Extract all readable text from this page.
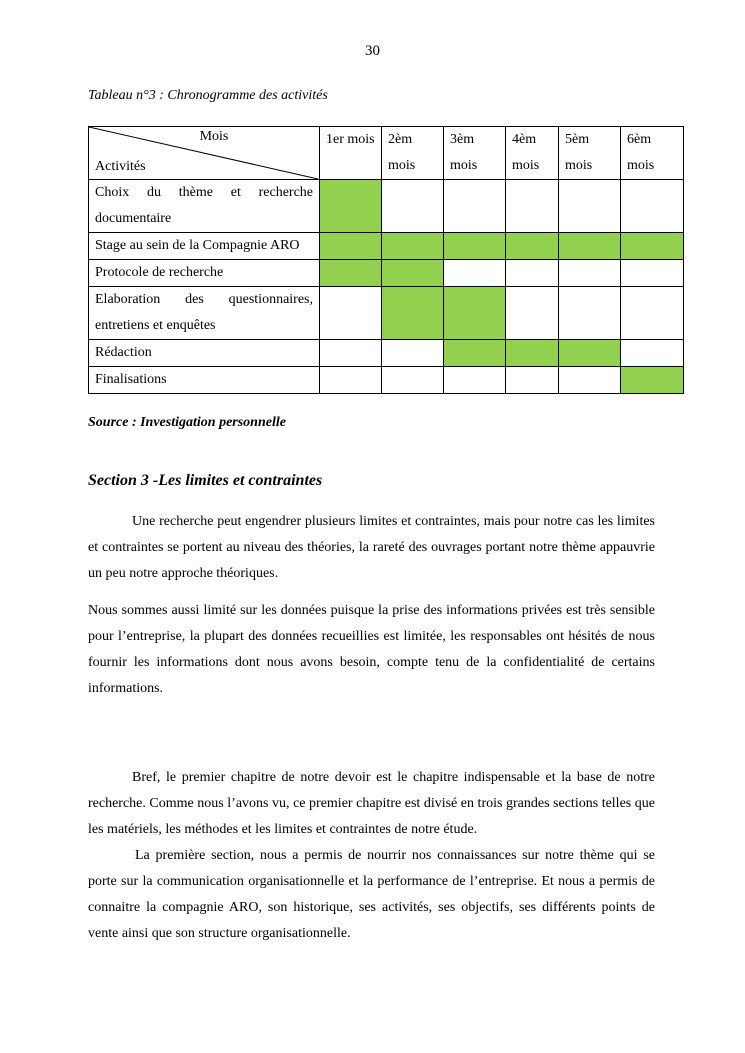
30
Tableau n°3 : Chronogramme des activités
Mois
Activités	1er mois	2èm mois	3èm mois	4èm mois	5èm mois	6èm mois
Choix du thème et recherche documentaire						
Stage au sein de la Compagnie ARO						
Protocole de recherche						
Elaboration des questionnaires, entretiens et enquêtes						
Rédaction						
Finalisations						
Source : Investigation personnelle
Section 3 -Les limites et contraintes

Une recherche peut engendrer plusieurs limites et contraintes, mais pour notre cas les limites et contraintes se portent au niveau des théories, la rareté des ouvrages portant notre thème appauvrie un peu notre approche théoriques.

Nous sommes aussi limité sur les données puisque la prise des informations privées est très sensible pour l’entreprise, la plupart des données recueillies est limitée, les responsables ont hésités de nous fournir les informations dont nous avons besoin, compte tenu de la confidentialité de certains informations.

Bref, le premier chapitre de notre devoir est le chapitre indispensable et la base de notre recherche. Comme nous l’avons vu, ce premier chapitre est divisé en trois grandes sections telles que les matériels, les méthodes et les limites et contraintes de notre étude.

La première section, nous a permis de nourrir nos connaissances sur notre thème qui se porte sur la communication organisationnelle et la performance de l’entreprise. Et nous a permis de connaitre la compagnie ARO, son historique, ses activités, ses objectifs, ses différents points de vente ainsi que son structure organisationnelle.
